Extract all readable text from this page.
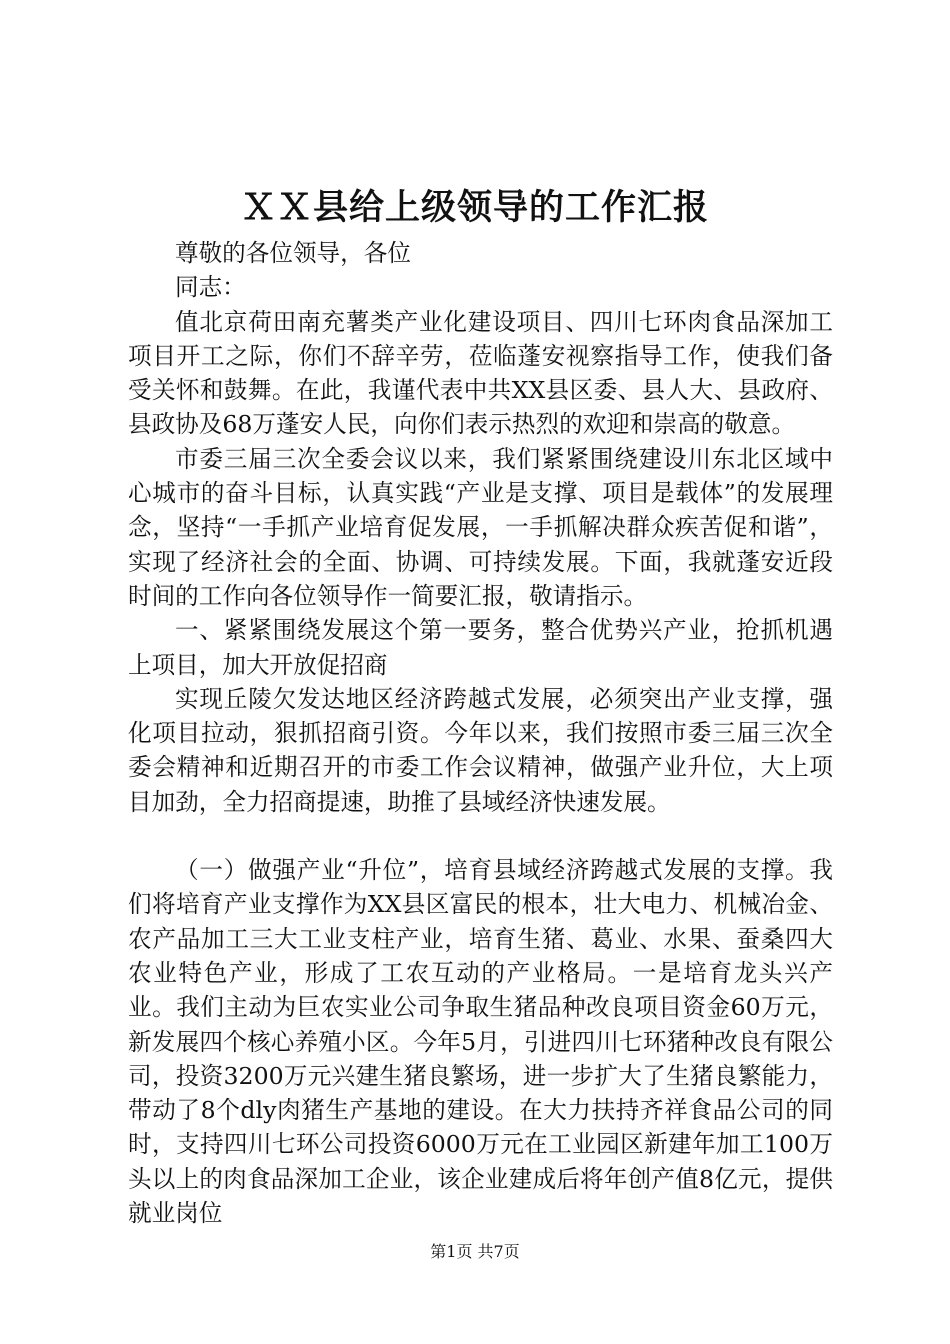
ＸＸ县给上级领导的工作汇报

尊敬的各位领导，各位

同志：

值北京荷田南充薯类产业化建设项目、四川七环肉食品深加工项目开工之际，你们不辞辛劳，莅临蓬安视察指导工作，使我们备受关怀和鼓舞。在此，我谨代表中共XX县区委、县人大、县政府、县政协及68万蓬安人民，向你们表示热烈的欢迎和崇高的敬意。

市委三届三次全委会议以来，我们紧紧围绕建设川东北区域中心城市的奋斗目标，认真实践“产业是支撑、项目是载体”的发展理念，坚持“一手抓产业培育促发展，一手抓解决群众疾苦促和谐”，实现了经济社会的全面、协调、可持续发展。下面，我就蓬安近段时间的工作向各位领导作一简要汇报，敬请指示。

一、紧紧围绕发展这个第一要务，整合优势兴产业，抢抓机遇上项目，加大开放促招商

实现丘陵欠发达地区经济跨越式发展，必须突出产业支撑，强化项目拉动，狠抓招商引资。今年以来，我们按照市委三届三次全委会精神和近期召开的市委工作会议精神，做强产业升位，大上项目加劲，全力招商提速，助推了县域经济快速发展。

（一）做强产业“升位”，培育县域经济跨越式发展的支撑。我们将培育产业支撑作为XX县区富民的根本，壮大电力、机械冶金、农产品加工三大工业支柱产业，培育生猪、葛业、水果、蚕桑四大农业特色产业，形成了工农互动的产业格局。一是培育龙头兴产业。我们主动为巨农实业公司争取生猪品种改良项目资金60万元，新发展四个核心养殖小区。今年5月，引进四川七环猪种改良有限公司，投资3200万元兴建生猪良繁场，进一步扩大了生猪良繁能力，带动了8个dly肉猪生产基地的建设。在大力扶持齐祥食品公司的同时，支持四川七环公司投资6000万元在工业园区新建年加工100万头以上的肉食品深加工企业，该企业建成后将年创产值8亿元，提供就业岗位

第1页 共7页
